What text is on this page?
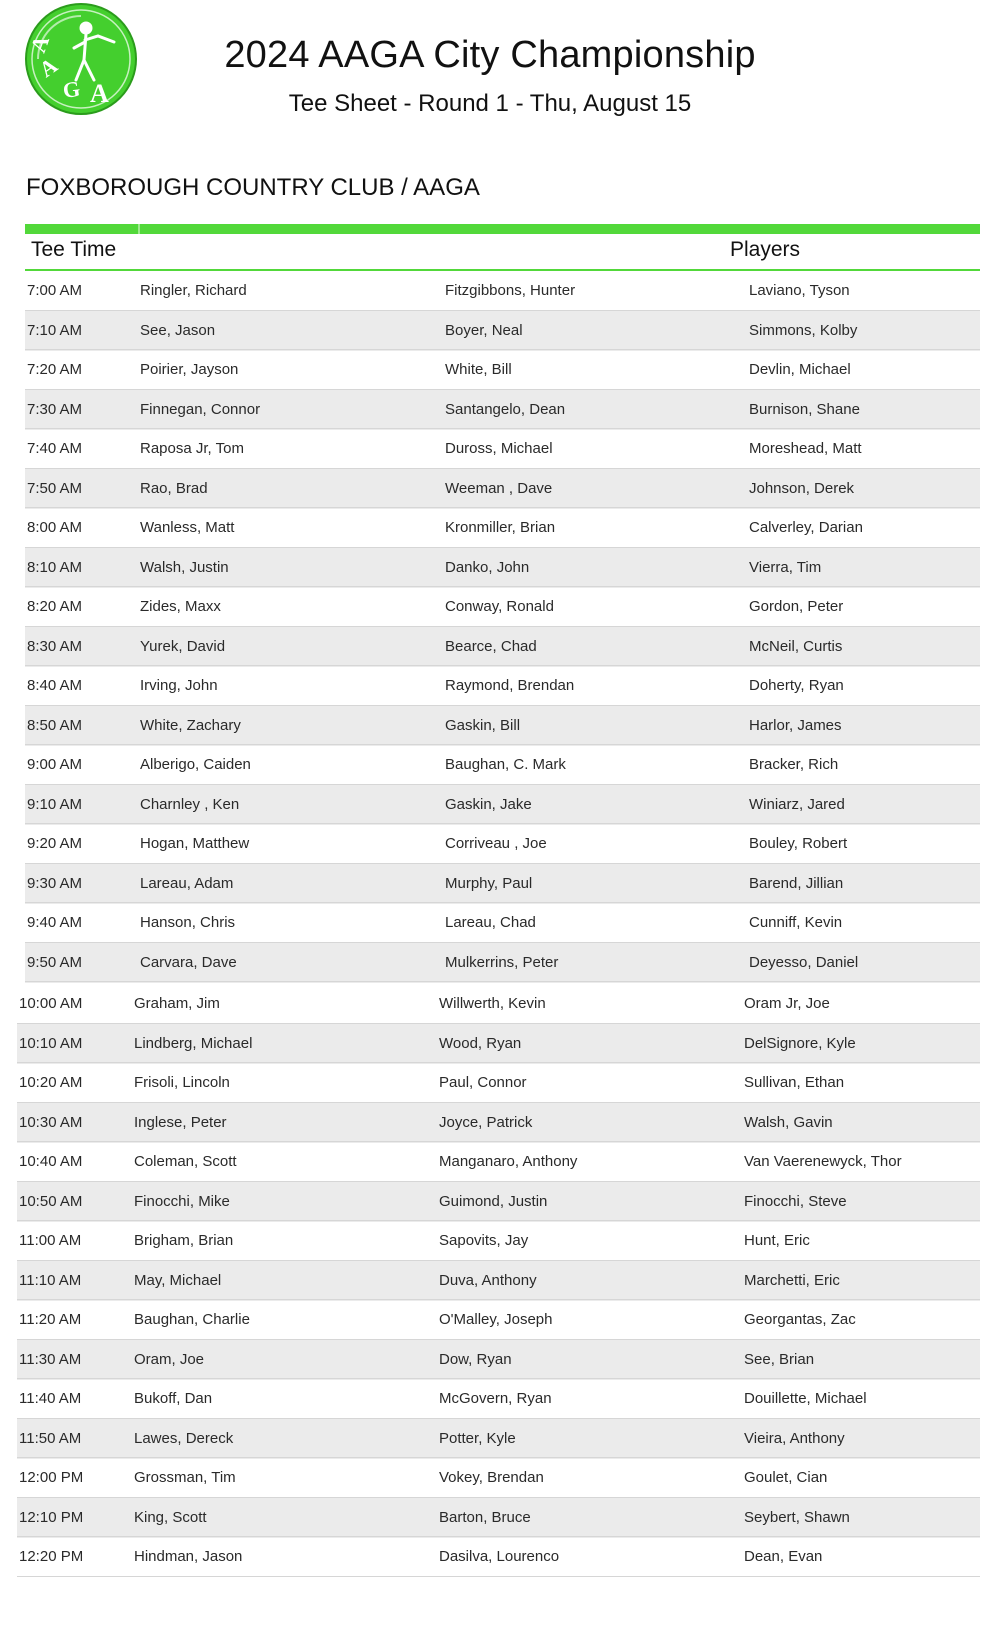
A
A
G A
2024 AAGA City Championship
Tee Sheet - Round 1 - Thu, August 15
FOXBOROUGH COUNTRY CLUB / AAGA
Tee Time	Players
7:00 AM	Ringler, Richard	Fitzgibbons, Hunter	Laviano, Tyson
7:10 AM	See, Jason	Boyer, Neal	Simmons, Kolby
7:20 AM	Poirier, Jayson	White, Bill	Devlin, Michael
7:30 AM	Finnegan, Connor	Santangelo, Dean	Burnison, Shane
7:40 AM	Raposa Jr, Tom	Duross, Michael	Moreshead, Matt
7:50 AM	Rao, Brad	Weeman , Dave	Johnson, Derek
8:00 AM	Wanless, Matt	Kronmiller, Brian	Calverley, Darian
8:10 AM	Walsh, Justin	Danko, John	Vierra, Tim
8:20 AM	Zides, Maxx	Conway, Ronald	Gordon, Peter
8:30 AM	Yurek, David	Bearce, Chad	McNeil, Curtis
8:40 AM	Irving, John	Raymond, Brendan	Doherty, Ryan
8:50 AM	White, Zachary	Gaskin, Bill	Harlor, James
9:00 AM	Alberigo, Caiden	Baughan, C. Mark	Bracker, Rich
9:10 AM	Charnley , Ken	Gaskin, Jake	Winiarz, Jared
9:20 AM	Hogan, Matthew	Corriveau , Joe	Bouley, Robert
9:30 AM	Lareau, Adam	Murphy, Paul	Barend, Jillian
9:40 AM	Hanson, Chris	Lareau, Chad	Cunniff, Kevin
9:50 AM	Carvara, Dave	Mulkerrins, Peter	Deyesso, Daniel
10:00 AM	Graham, Jim	Willwerth, Kevin	Oram Jr, Joe
10:10 AM	Lindberg, Michael	Wood, Ryan	DelSignore, Kyle
10:20 AM	Frisoli, Lincoln	Paul, Connor	Sullivan, Ethan
10:30 AM	Inglese, Peter	Joyce, Patrick	Walsh, Gavin
10:40 AM	Coleman, Scott	Manganaro, Anthony	Van Vaerenewyck, Thor
10:50 AM	Finocchi, Mike	Guimond, Justin	Finocchi, Steve
11:00 AM	Brigham, Brian	Sapovits, Jay	Hunt, Eric
11:10 AM	May, Michael	Duva, Anthony	Marchetti, Eric
11:20 AM	Baughan, Charlie	O'Malley, Joseph	Georgantas, Zac
11:30 AM	Oram, Joe	Dow, Ryan	See, Brian
11:40 AM	Bukoff, Dan	McGovern, Ryan	Douillette, Michael
11:50 AM	Lawes, Dereck	Potter, Kyle	Vieira, Anthony
12:00 PM	Grossman, Tim	Vokey, Brendan	Goulet, Cian
12:10 PM	King, Scott	Barton, Bruce	Seybert, Shawn
12:20 PM	Hindman, Jason	Dasilva, Lourenco	Dean, Evan
